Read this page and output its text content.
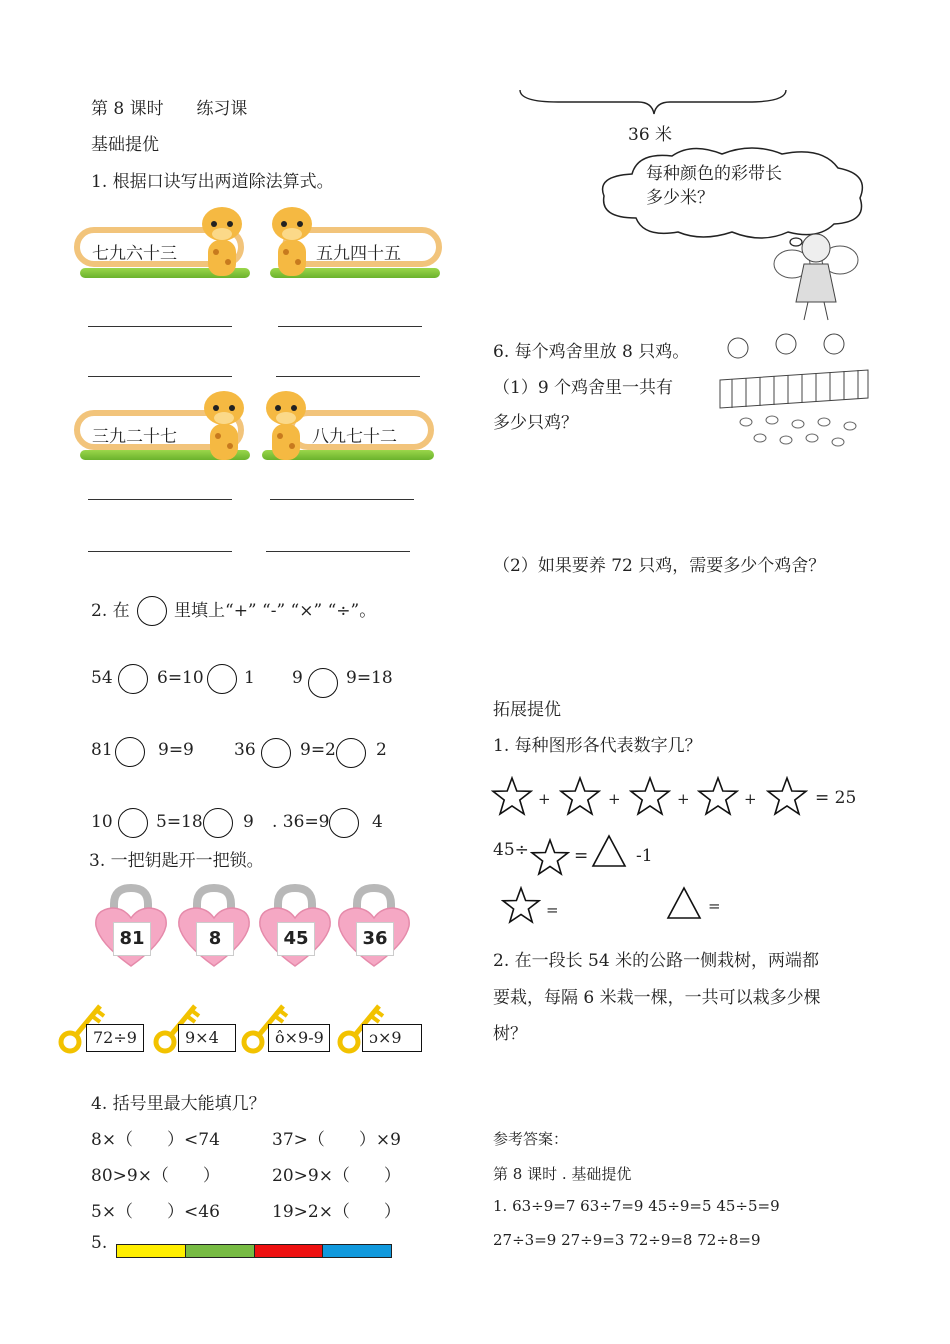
第 8 课时 练习课
基础提优
1. 根据口诀写出两道除法算式。
七九六十三	五九四十五
三九二十七	八九七十二
2. 在	里填上“+” “-” “×” “÷”。
54	6=10 1 9	9=18
81	9=9 36	9=2 2
10	5=18 9 . 36=9	4
3. 一把钥匙开一把锁。
81	8	45	36
72÷9	9×4	ô×9-9	ɔ×9
4. 括号里最大能填几？
8×（　　）<74	37>（　　）×9
80>9×（　　）	20>9×（　　）
5×（　　）<46	19>2×（　　）
5.
36 米
每种颜色的彩带长
多少米？
6. 每个鸡舍里放 8 只鸡。
（1）9 个鸡舍里一共有
多少只鸡？
（2）如果要养 72 只鸡，需要多少个鸡舍？
拓展提优
1. 每种图形各代表数字几？
+	+	+	+	= 25
45÷	=	-1
=	=
2. 在一段长 54 米的公路一侧栽树，两端都
要栽，每隔 6 米栽一棵，一共可以栽多少棵
树？
参考答案：
第 8 课时 . 基础提优
1. 63÷9=7 63÷7=9 45÷9=5 45÷5=9
27÷3=9 27÷9=3 72÷9=8 72÷8=9
